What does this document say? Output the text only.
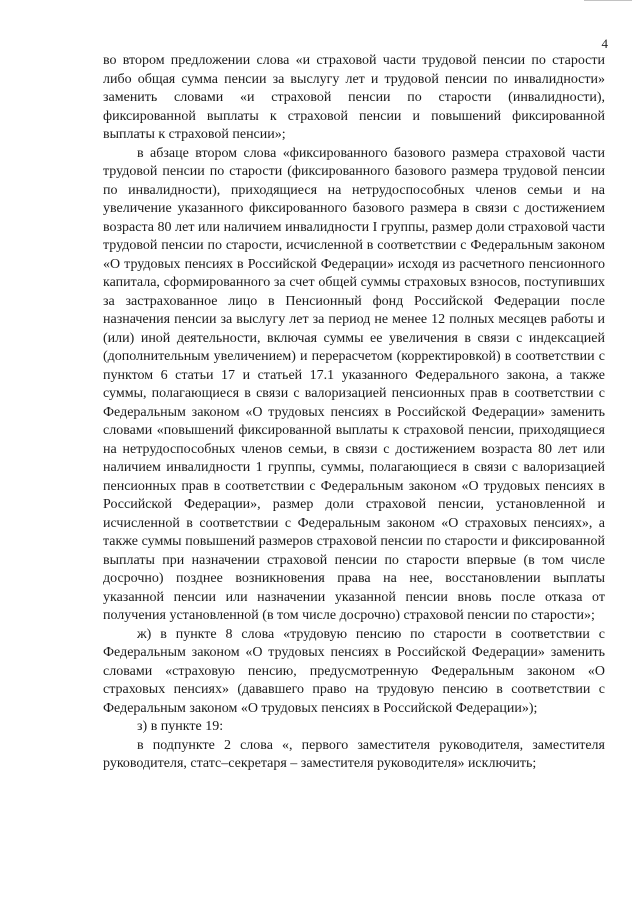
4

во втором предложении слова «и страховой части трудовой пенсии по старости либо общая сумма пенсии за выслугу лет и трудовой пенсии по инвалидности» заменить словами «и страховой пенсии по старости (инвалидности), фиксированной выплаты к страховой пенсии и повышений фиксированной выплаты к страховой пенсии»;

в абзаце втором слова «фиксированного базового размера страховой части трудовой пенсии по старости (фиксированного базового размера трудовой пенсии по инвалидности), приходящиеся на нетрудоспособных членов семьи и на увеличение указанного фиксированного базового размера в связи с достижением возраста 80 лет или наличием инвалидности I группы, размер доли страховой части трудовой пенсии по старости, исчисленной в соответствии с Федеральным законом «О трудовых пенсиях в Российской Федерации» исходя из расчетного пенсионного капитала, сформированного за счет общей суммы страховых взносов, поступивших за застрахованное лицо в Пенсионный фонд Российской Федерации после назначения пенсии за выслугу лет за период не менее 12 полных месяцев работы и (или) иной деятельности, включая суммы ее увеличения в связи с индексацией (дополнительным увеличением) и перерасчетом (корректировкой) в соответствии с пунктом 6 статьи 17 и статьей 17.1 указанного Федерального закона, а также суммы, полагающиеся в связи с валоризацией пенсионных прав в соответствии с Федеральным законом «О трудовых пенсиях в Российской Федерации» заменить словами «повышений фиксированной выплаты к страховой пенсии, приходящиеся на нетрудоспособных членов семьи, в связи с достижением возраста 80 лет или наличием инвалидности 1 группы, суммы, полагающиеся в связи с валоризацией пенсионных прав в соответствии с Федеральным законом «О трудовых пенсиях в Российской Федерации», размер доли страховой пенсии, установленной и исчисленной в соответствии с Федеральным законом «О страховых пенсиях», а также суммы повышений размеров страховой пенсии по старости и фиксированной выплаты при назначении страховой пенсии по старости впервые (в том числе досрочно) позднее возникновения права на нее, восстановлении выплаты указанной пенсии или назначении указанной пенсии вновь после отказа от получения установленной (в том числе досрочно) страховой пенсии по старости»;

ж) в пункте 8 слова «трудовую пенсию по старости в соответствии с Федеральным законом «О трудовых пенсиях в Российской Федерации» заменить словами «страховую пенсию, предусмотренную Федеральным законом «О страховых пенсиях» (дававшего право на трудовую пенсию в соответствии с Федеральным законом «О трудовых пенсиях в Российской Федерации»);

з) в пункте 19:

в подпункте 2 слова «, первого заместителя руководителя, заместителя руководителя, статс–секретаря – заместителя руководителя» исключить;
